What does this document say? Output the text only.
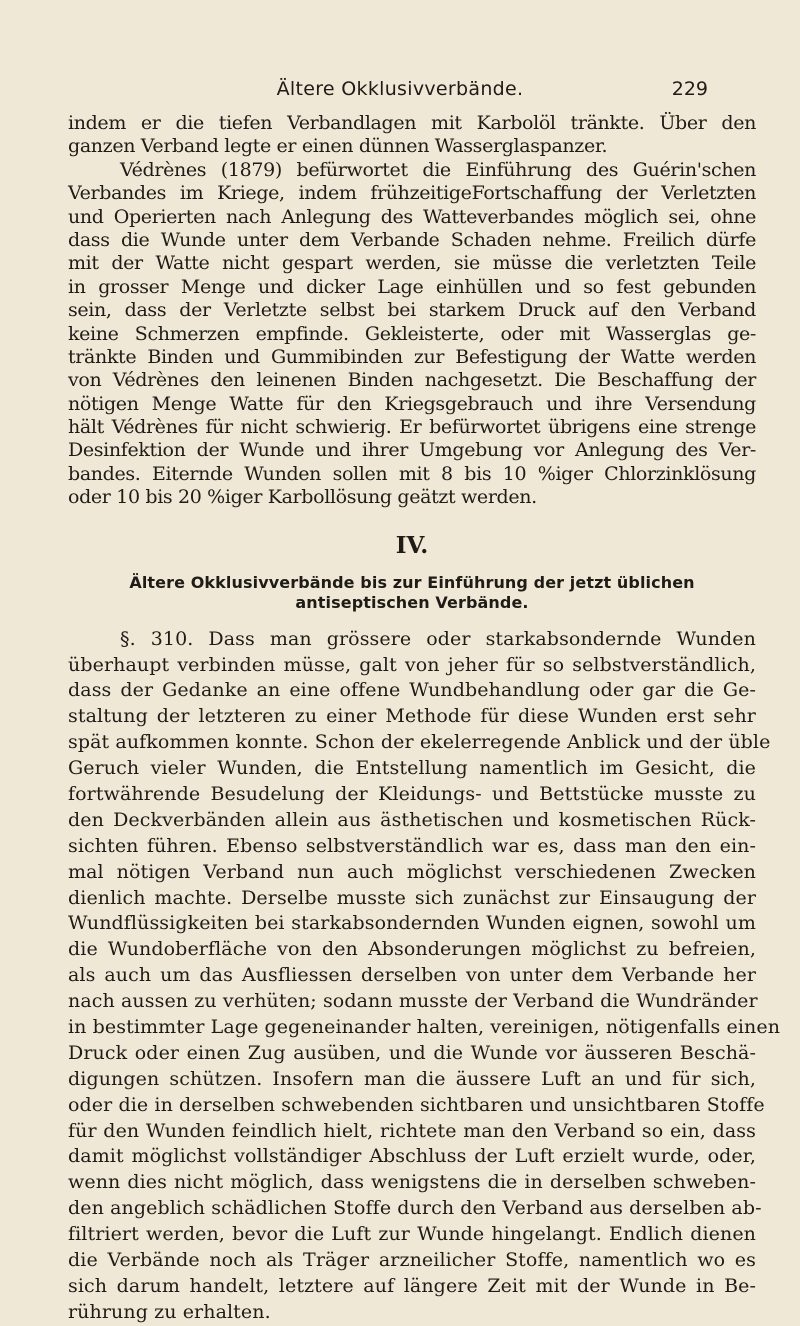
Ältere Okklusivverbände.	229
indem er die tiefen Verbandlagen mit Karbolöl tränkte. Über den
ganzen Verband legte er einen dünnen Wasserglaspanzer.
Védrènes (1879) befürwortet die Einführung des Guérin'schen
Verbandes im Kriege, indem frühzeitigeFortschaffung der Verletzten
und Operierten nach Anlegung des Watteverbandes möglich sei, ohne
dass die Wunde unter dem Verbande Schaden nehme. Freilich dürfe
mit der Watte nicht gespart werden, sie müsse die verletzten Teile
in grosser Menge und dicker Lage einhüllen und so fest gebunden
sein, dass der Verletzte selbst bei starkem Druck auf den Verband
keine Schmerzen empfinde. Gekleisterte, oder mit Wasserglas ge-
tränkte Binden und Gummibinden zur Befestigung der Watte werden
von Védrènes den leinenen Binden nachgesetzt. Die Beschaffung der
nötigen Menge Watte für den Kriegsgebrauch und ihre Versendung
hält Védrènes für nicht schwierig. Er befürwortet übrigens eine strenge
Desinfektion der Wunde und ihrer Umgebung vor Anlegung des Ver-
bandes. Eiternde Wunden sollen mit 8 bis 10 %iger Chlorzinklösung
oder 10 bis 20 %iger Karbollösung geätzt werden.
IV.
Ältere Okklusivverbände bis zur Einführung der jetzt üblichen
antiseptischen Verbände.
§. 310. Dass man grössere oder starkabsondernde Wunden
überhaupt verbinden müsse, galt von jeher für so selbstverständlich,
dass der Gedanke an eine offene Wundbehandlung oder gar die Ge-
staltung der letzteren zu einer Methode für diese Wunden erst sehr
spät aufkommen konnte. Schon der ekelerregende Anblick und der üble
Geruch vieler Wunden, die Entstellung namentlich im Gesicht, die
fortwährende Besudelung der Kleidungs- und Bettstücke musste zu
den Deckverbänden allein aus ästhetischen und kosmetischen Rück-
sichten führen. Ebenso selbstverständlich war es, dass man den ein-
mal nötigen Verband nun auch möglichst verschiedenen Zwecken
dienlich machte. Derselbe musste sich zunächst zur Einsaugung der
Wundflüssigkeiten bei starkabsondernden Wunden eignen, sowohl um
die Wundoberfläche von den Absonderungen möglichst zu befreien,
als auch um das Ausfliessen derselben von unter dem Verbande her
nach aussen zu verhüten; sodann musste der Verband die Wundränder
in bestimmter Lage gegeneinander halten, vereinigen, nötigenfalls einen
Druck oder einen Zug ausüben, und die Wunde vor äusseren Beschä-
digungen schützen. Insofern man die äussere Luft an und für sich,
oder die in derselben schwebenden sichtbaren und unsichtbaren Stoffe
für den Wunden feindlich hielt, richtete man den Verband so ein, dass
damit möglichst vollständiger Abschluss der Luft erzielt wurde, oder,
wenn dies nicht möglich, dass wenigstens die in derselben schweben-
den angeblich schädlichen Stoffe durch den Verband aus derselben ab-
filtriert werden, bevor die Luft zur Wunde hingelangt. Endlich dienen
die Verbände noch als Träger arzneilicher Stoffe, namentlich wo es
sich darum handelt, letztere auf längere Zeit mit der Wunde in Be-
rührung zu erhalten.
